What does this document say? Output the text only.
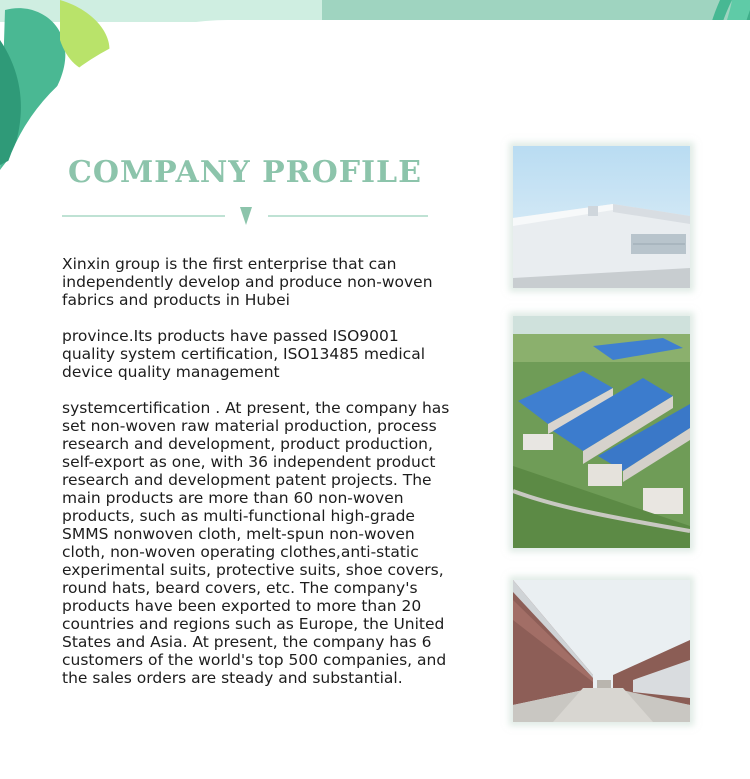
COMPANY PROFILE

Xinxin group is the first enterprise that can independently develop and produce non-woven fabrics and products in Hubei

province.Its products have passed ISO9001 quality system certification, ISO13485 medical device quality management

systemcertification . At present, the company has set non-woven raw material production, process research and development, product production, self-export as one, with 36 independent product research and development patent projects. The main products are more than 60 non-woven products, such as multi-functional high-grade SMMS nonwoven cloth, melt-spun non-woven cloth, non-woven operating clothes,anti-static experimental suits, protective suits, shoe covers, round hats, beard covers, etc. The company's products have been exported to more than 20 countries and regions such as Europe, the United States and Asia. At present, the company has 6 customers of the world's top 500 companies, and the sales orders are steady and substantial.
